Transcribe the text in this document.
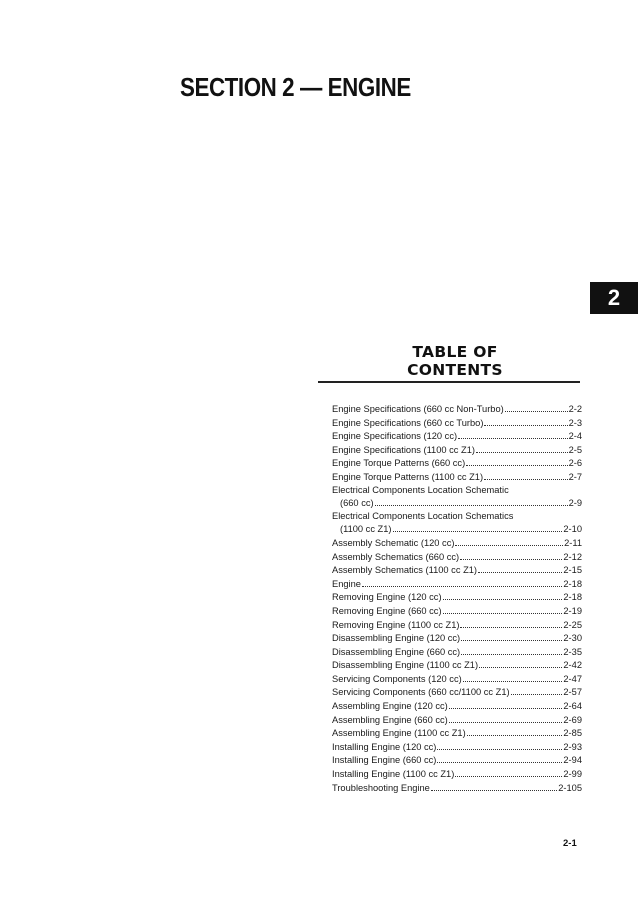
SECTION 2 — ENGINE
2
TABLE OF
CONTENTS
Engine Specifications (660 cc Non-Turbo)	2-2
Engine Specifications (660 cc Turbo)	2-3
Engine Specifications (120 cc)	2-4
Engine Specifications (1100 cc Z1)	2-5
Engine Torque Patterns (660 cc)	2-6
Engine Torque Patterns (1100 cc Z1)	2-7
Electrical Components Location Schematic
(660 cc)	2-9
Electrical Components Location Schematics
(1100 cc Z1)	2-10
Assembly Schematic (120 cc)	2-11
Assembly Schematics (660 cc)	2-12
Assembly Schematics (1100 cc Z1)	2-15
Engine	2-18
Removing Engine (120 cc)	2-18
Removing Engine (660 cc)	2-19
Removing Engine (1100 cc Z1)	2-25
Disassembling Engine (120 cc)	2-30
Disassembling Engine (660 cc)	2-35
Disassembling Engine (1100 cc Z1)	2-42
Servicing Components (120 cc)	2-47
Servicing Components (660 cc/1100 cc Z1)	2-57
Assembling Engine (120 cc)	2-64
Assembling Engine (660 cc)	2-69
Assembling Engine (1100 cc Z1)	2-85
Installing Engine (120 cc)	2-93
Installing Engine (660 cc)	2-94
Installing Engine (1100 cc Z1)	2-99
Troubleshooting Engine	2-105
2-1
